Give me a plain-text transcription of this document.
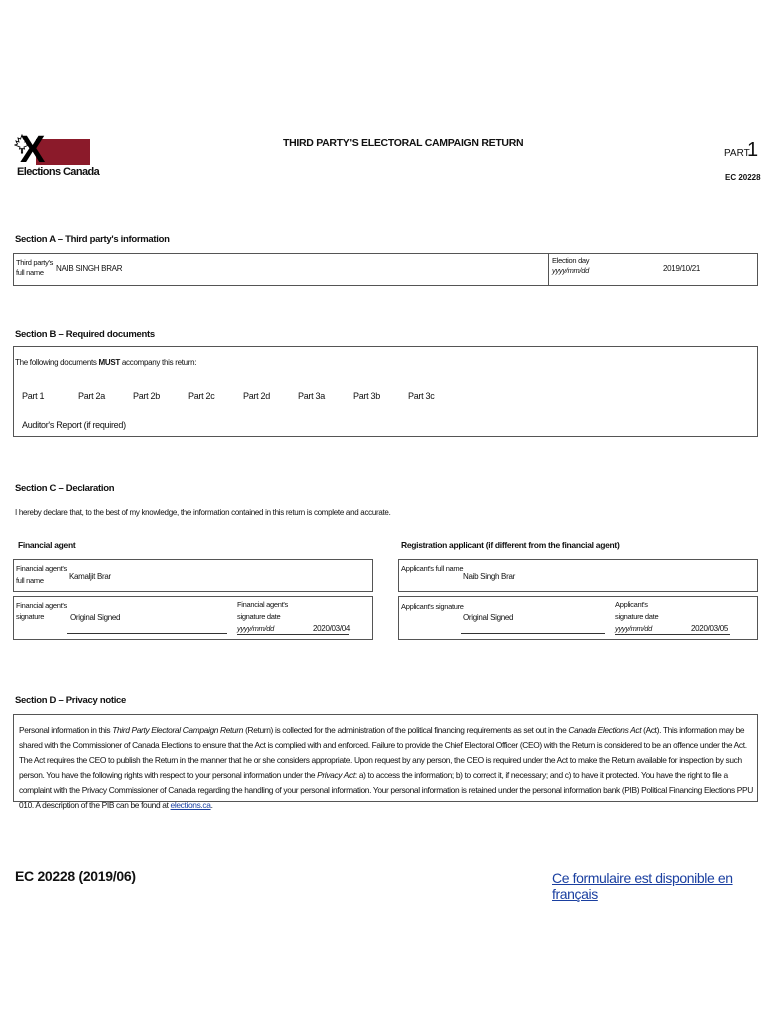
X
Elections Canada
THIRD PARTY'S ELECTORAL CAMPAIGN RETURN
PART
1
EC 20228
Section A – Third party's information
Third party's
full name NAIB SINGH BRAR
Election day
yyyy/mm/dd	2019/10/21
Section B – Required documents
The following documents MUST accompany this return:
Part 1	Part 2a	Part 2b	Part 2c	Part 2d	Part 3a	Part 3b	Part 3c
Auditor's Report (if required)
Section C – Declaration
I hereby declare that, to the best of my knowledge, the information contained in this return is complete and accurate.
Financial agent
Financial agent's
full name	Kamaljit Brar
Financial agent's
signature	Original Signed
Financial agent's
signature date
yyyy/mm/dd	2020/03/04
Registration applicant (if different from the financial agent)
Applicant's full name
Naib Singh Brar
Applicant's signature
Original Signed
Applicant's
signature date
yyyy/mm/dd	2020/03/05
Section D – Privacy notice
Personal information in this Third Party Electoral Campaign Return (Return) is collected for the administration of the political financing requirements as set out in the Canada Elections Act (Act). This information may be shared with the Commissioner of Canada Elections to ensure that the Act is complied with and enforced. Failure to provide the Chief Electoral Officer (CEO) with the Return is considered to be an offence under the Act. The Act requires the CEO to publish the Return in the manner that he or she considers appropriate. Upon request by any person, the CEO is required under the Act to make the Return available for inspection by such person. You have the following rights with respect to your personal information under the Privacy Act: a) to access the information; b) to correct it, if necessary; and c) to have it protected. You have the right to file a complaint with the Privacy Commissioner of Canada regarding the handling of your personal information. Your personal information is retained under the personal information bank (PIB) Political Financing Elections PPU 010. A description of the PIB can be found at elections.ca.
EC 20228 (2019/06)	Ce formulaire est disponible en français
